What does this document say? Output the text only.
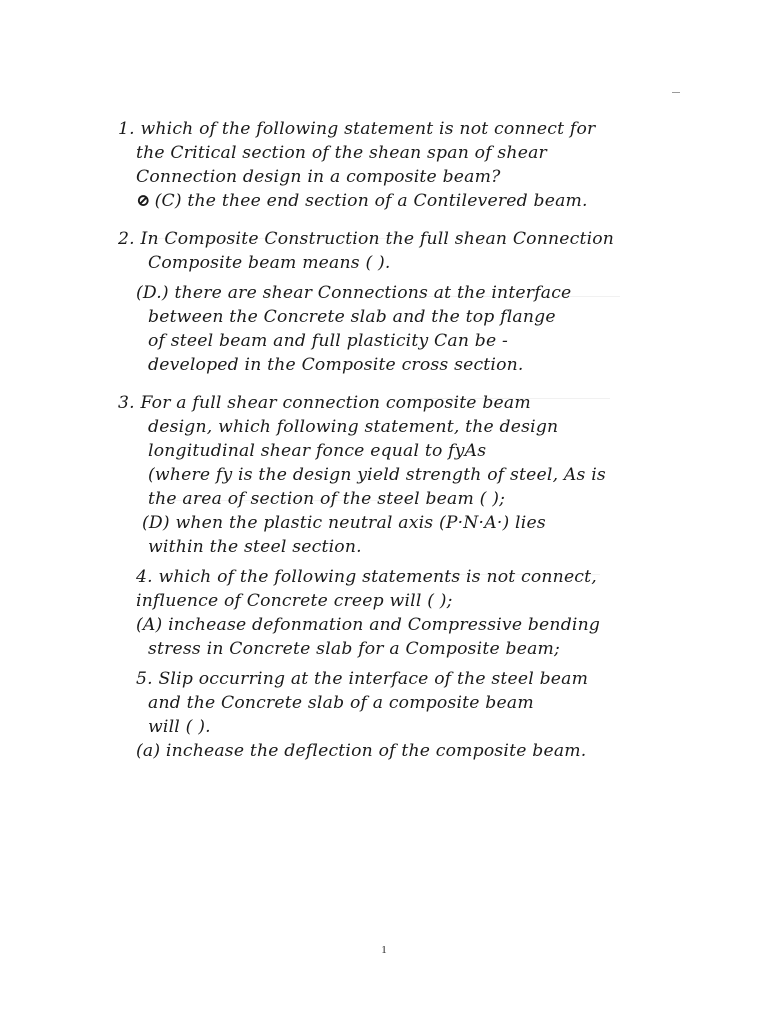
1. which of the following statement is not connect for
the Critical section of the shean span of shear
Connection design in a composite beam?
⊘ (C) the thee end section of a Contilevered beam.
2. In Composite Construction the full shean Connection
Composite beam means ( ).
(D.) there are shear Connections at the interface
between the Concrete slab and the top flange
of steel beam and full plasticity Can be -
developed in the Composite cross section.
3. For a full shear connection composite beam
design, which following statement, the design
longitudinal shear fonce equal to fyAs
(where fy is the design yield strength of steel, As is
the area of section of the steel beam ( );
(D) when the plastic neutral axis (P·N·A·) lies
within the steel section.
4. which of the following statements is not connect,
influence of Concrete creep will ( );
(A) inchease defonmation and Compressive bending
stress in Concrete slab for a Composite beam;
5. Slip occurring at the interface of the steel beam
and the Concrete slab of a composite beam
will ( ).
(a) inchease the deflection of the composite beam.
1
